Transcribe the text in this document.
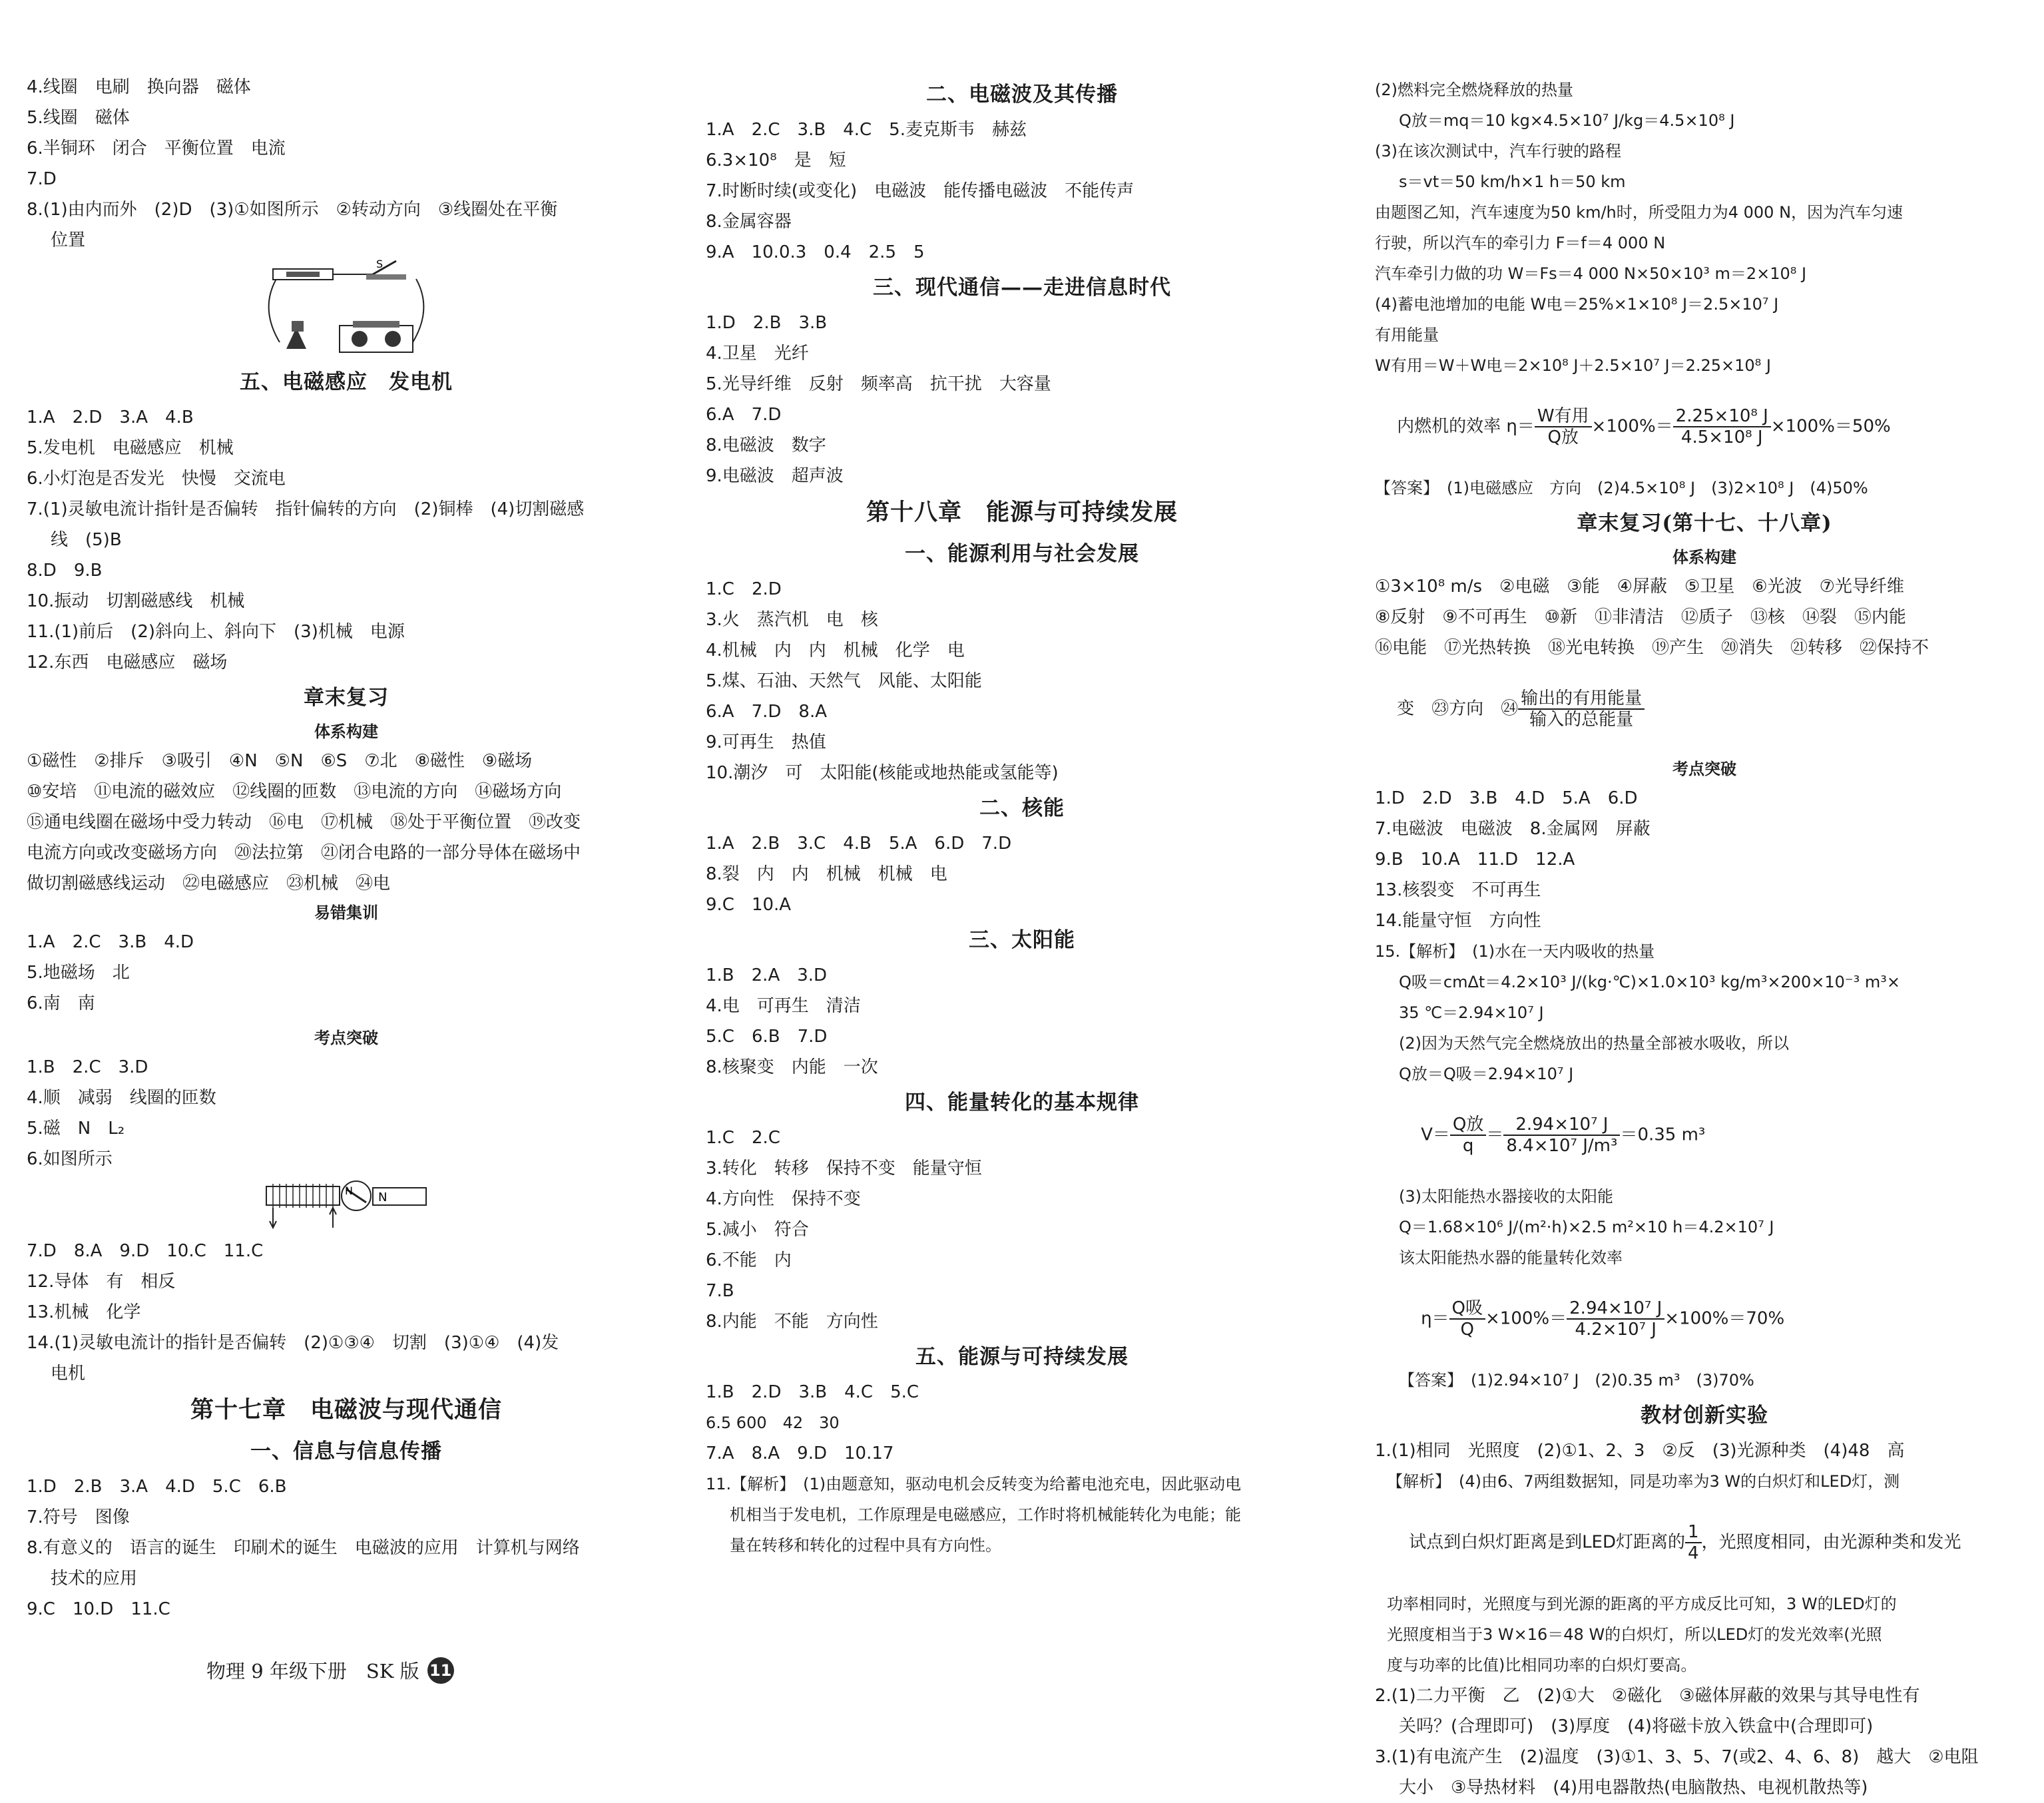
4.线圈　电刷　换向器　磁体

5.线圈　磁体

6.半铜环　闭合　平衡位置　电流

7.D

8.(1)由内而外　(2)D　(3)①如图所示　②转动方向　③线圈处在平衡

位置

S

五、电磁感应　发电机

1.A　2.D　3.A　4.B

5.发电机　电磁感应　机械

6.小灯泡是否发光　快慢　交流电

7.(1)灵敏电流计指针是否偏转　指针偏转的方向　(2)铜棒　(4)切割磁感

线　(5)B

8.D　9.B

10.振动　切割磁感线　机械

11.(1)前后　(2)斜向上、斜向下　(3)机械　电源

12.东西　电磁感应　磁场

章末复习

体系构建

①磁性　②排斥　③吸引　④N　⑤N　⑥S　⑦北　⑧磁性　⑨磁场

⑩安培　⑪电流的磁效应　⑫线圈的匝数　⑬电流的方向　⑭磁场方向

⑮通电线圈在磁场中受力转动　⑯电　⑰机械　⑱处于平衡位置　⑲改变

电流方向或改变磁场方向　⑳法拉第　㉑闭合电路的一部分导体在磁场中

做切割磁感线运动　㉒电磁感应　㉓机械　㉔电

易错集训

1.A　2.C　3.B　4.D

5.地磁场　北

6.南　南

考点突破

1.B　2.C　3.D

4.顺　减弱　线圈的匝数

5.磁　N　L₂

6.如图所示

N N

7.D　8.A　9.D　10.C　11.C

12.导体　有　相反

13.机械　化学

14.(1)灵敏电流计的指针是否偏转　(2)①③④　切割　(3)①④　(4)发

电机

第十七章　电磁波与现代通信

一、信息与信息传播

1.D　2.B　3.A　4.D　5.C　6.B

7.符号　图像

8.有意义的　语言的诞生　印刷术的诞生　电磁波的应用　计算机与网络

技术的应用

9.C　10.D　11.C

二、电磁波及其传播

1.A　2.C　3.B　4.C　5.麦克斯韦　赫兹

6.3×10⁸　是　短

7.时断时续(或变化)　电磁波　能传播电磁波　不能传声

8.金属容器

9.A　10.0.3　0.4　2.5　5

三、现代通信——走进信息时代

1.D　2.B　3.B

4.卫星　光纤

5.光导纤维　反射　频率高　抗干扰　大容量

6.A　7.D

8.电磁波　数字

9.电磁波　超声波

第十八章　能源与可持续发展

一、能源利用与社会发展

1.C　2.D

3.火　蒸汽机　电　核

4.机械　内　内　机械　化学　电

5.煤、石油、天然气　风能、太阳能

6.A　7.D　8.A

9.可再生　热值

10.潮汐　可　太阳能(核能或地热能或氢能等)

二、核能

1.A　2.B　3.C　4.B　5.A　6.D　7.D

8.裂　内　内　机械　机械　电

9.C　10.A

三、太阳能

1.B　2.A　3.D

4.电　可再生　清洁

5.C　6.B　7.D

8.核聚变　内能　一次

四、能量转化的基本规律

1.C　2.C

3.转化　转移　保持不变　能量守恒

4.方向性　保持不变

5.减小　符合

6.不能　内

7.B

8.内能　不能　方向性

五、能源与可持续发展

1.B　2.D　3.B　4.C　5.C

6.5 600　42　30

7.A　8.A　9.D　10.17

11.【解析】　(1)由题意知，驱动电机会反转变为给蓄电池充电，因此驱动电

机相当于发电机，工作原理是电磁感应，工作时将机械能转化为电能；能

量在转移和转化的过程中具有方向性。

(2)燃料完全燃烧释放的热量

Q放＝mq＝10 kg×4.5×10⁷ J/kg＝4.5×10⁸ J

(3)在该次测试中，汽车行驶的路程

s＝vt＝50 km/h×1 h＝50 km

由题图乙知，汽车速度为50 km/h时，所受阻力为4 000 N，因为汽车匀速

行驶，所以汽车的牵引力 F＝f＝4 000 N

汽车牵引力做的功 W＝Fs＝4 000 N×50×10³ m＝2×10⁸ J

(4)蓄电池增加的电能 W电＝25%×1×10⁸ J＝2.5×10⁷ J

有用能量

W有用＝W＋W电＝2×10⁸ J＋2.5×10⁷ J＝2.25×10⁸ J

内燃机的效率 $\eta= \frac{\text{W有用}}{\text{Q放}} \times 100\%= \frac{\text{2.25×10⁸ J}}{\text{4.5×10⁸ J}} \times 100\%=50\%$

【答案】　(1)电磁感应　方向　(2)4.5×10⁸ J　(3)2×10⁸ J　(4)50%

章末复习(第十七、十八章)

体系构建

①3×10⁸ m/s　②电磁　③能　④屏蔽　⑤卫星　⑥光波　⑦光导纤维

⑧反射　⑨不可再生　⑩新　⑪非清洁　⑫质子　⑬核　⑭裂　⑮内能

⑯电能　⑰光热转换　⑱光电转换　⑲产生　⑳消失　㉑转移　㉒保持不

变　㉓方向　㉔ $\frac{\text{输出的有用能量}}{\text{输入的总能量}}$

考点突破

1.D　2.D　3.B　4.D　5.A　6.D

7.电磁波　电磁波　8.金属网　屏蔽

9.B　10.A　11.D　12.A

13.核裂变　不可再生

14.能量守恒　方向性

15.【解析】　(1)水在一天内吸收的热量

Q吸＝cmΔt＝4.2×10³ J/(kg·℃)×1.0×10³ kg/m³×200×10⁻³ m³×

35 ℃＝2.94×10⁷ J

(2)因为天然气完全燃烧放出的热量全部被水吸收，所以

Q放＝Q吸＝2.94×10⁷ J

$V= \frac{\text{Q放}}{q} = \frac{\text{2.94×10⁷ J}}{\text{8.4×10⁷ J/m³}} =0.35$ m³

(3)太阳能热水器接收的太阳能

Q＝1.68×10⁶ J/(m²·h)×2.5 m²×10 h＝4.2×10⁷ J

该太阳能热水器的能量转化效率

$\eta= \frac{\text{Q吸}}{Q} \times 100\%= \frac{\text{2.94×10⁷ J}}{\text{4.2×10⁷ J}} \times 100\%=70\%$

【答案】　(1)2.94×10⁷ J　(2)0.35 m³　(3)70%

教材创新实验

1.(1)相同　光照度　(2)①1、2、3　②反　(3)光源种类　(4)48　高

【解析】　(4)由6、7两组数据知，同是功率为3 W的白炽灯和LED灯，测

试点到白炽灯距离是到LED灯距离的 $\frac{1}{4}$ ，光照度相同，由光源种类和发光

功率相同时，光照度与到光源的距离的平方成反比可知，3 W的LED灯的

光照度相当于3 W×16＝48 W的白炽灯，所以LED灯的发光效率(光照

度与功率的比值)比相同功率的白炽灯要高。

2.(1)二力平衡　乙　(2)①大　②磁化　③磁体屏蔽的效果与其导电性有

关吗？(合理即可)　(3)厚度　(4)将磁卡放入铁盒中(合理即可)

3.(1)有电流产生　(2)温度　(3)①1、3、5、7(或2、4、6、8)　越大　②电阻

大小　③导热材料　(4)用电器散热(电脑散热、电视机散热等)

物理 9 年级下册　SK 版 11
